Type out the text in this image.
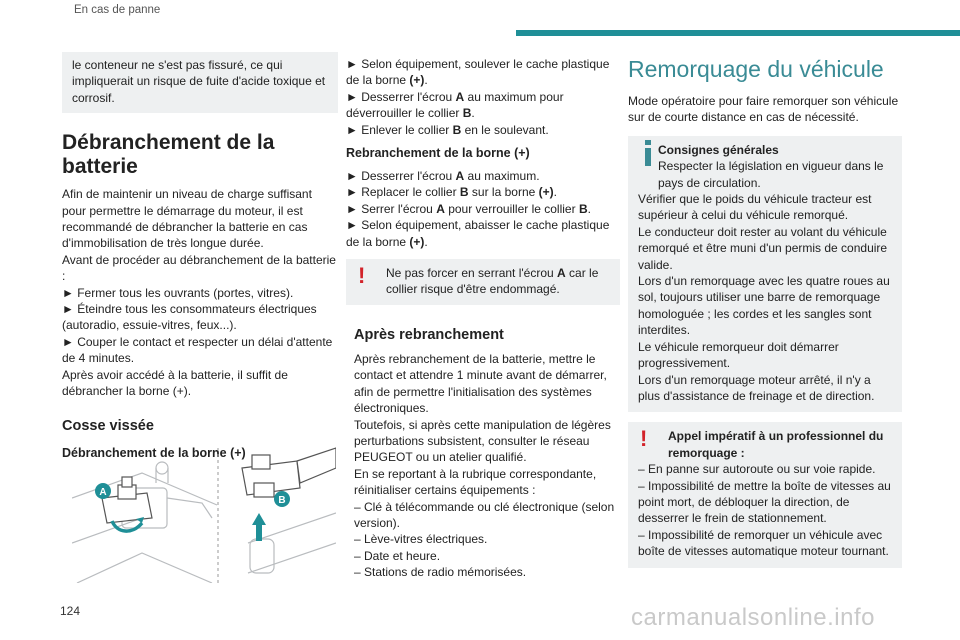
En cas de panne

le conteneur ne s'est pas fissuré, ce qui impliquerait un risque de fuite d'acide toxique et corrosif.

Débranchement de la batterie

Afin de maintenir un niveau de charge suffisant pour permettre le démarrage du moteur, il est recommandé de débrancher la batterie en cas d'immobilisation de très longue durée.

Avant de procéder au débranchement de la batterie :

► Fermer tous les ouvrants (portes, vitres).

► Éteindre tous les consommateurs électriques (autoradio, essuie-vitres, feux...).

► Couper le contact et respecter un délai d'attente de 4 minutes.

Après avoir accédé à la batterie, il suffit de débrancher la borne (+).

Cosse vissée
Débranchement de la borne (+)
A
B

► Selon équipement, soulever le cache plastique de la borne (+).

► Desserrer l'écrou A au maximum pour déverrouiller le collier B.

► Enlever le collier B en le soulevant.

Rebranchement de la borne (+)

► Desserrer l'écrou A au maximum.

► Replacer le collier B sur la borne (+).

► Serrer l'écrou A pour verrouiller le collier B.

► Selon équipement, abaisser le cache plastique de la borne (+).

! Ne pas forcer en serrant l'écrou A car le collier risque d'être endommagé.

Après rebranchement

Après rebranchement de la batterie, mettre le contact et attendre 1 minute avant de démarrer, afin de permettre l'initialisation des systèmes électroniques.

Toutefois, si après cette manipulation de légères perturbations subsistent, consulter le réseau PEUGEOT ou un atelier qualifié.

En se reportant à la rubrique correspondante, réinitialiser certains équipements :

– Clé à télécommande ou clé électronique (selon version).

– Lève-vitres électriques.

– Date et heure.

– Stations de radio mémorisées.

Remorquage du véhicule

Mode opératoire pour faire remorquer son véhicule sur de courte distance en cas de nécessité.

Consignes générales

Respecter la législation en vigueur dans le pays de circulation.

Vérifier que le poids du véhicule tracteur est supérieur à celui du véhicule remorqué.

Le conducteur doit rester au volant du véhicule remorqué et être muni d'un permis de conduire valide.

Lors d'un remorquage avec les quatre roues au sol, toujours utiliser une barre de remorquage homologuée ; les cordes et les sangles sont interdites.

Le véhicule remorqueur doit démarrer progressivement.

Lors d'un remorquage moteur arrêté, il n'y a plus d'assistance de freinage et de direction.

!	Appel impératif à un professionnel du remorquage :

– En panne sur autoroute ou sur voie rapide.

– Impossibilité de mettre la boîte de vitesses au point mort, de débloquer la direction, de desserrer le frein de stationnement.

– Impossibilité de remorquer un véhicule avec boîte de vitesses automatique moteur tournant.

124	carmanualsonline.info
